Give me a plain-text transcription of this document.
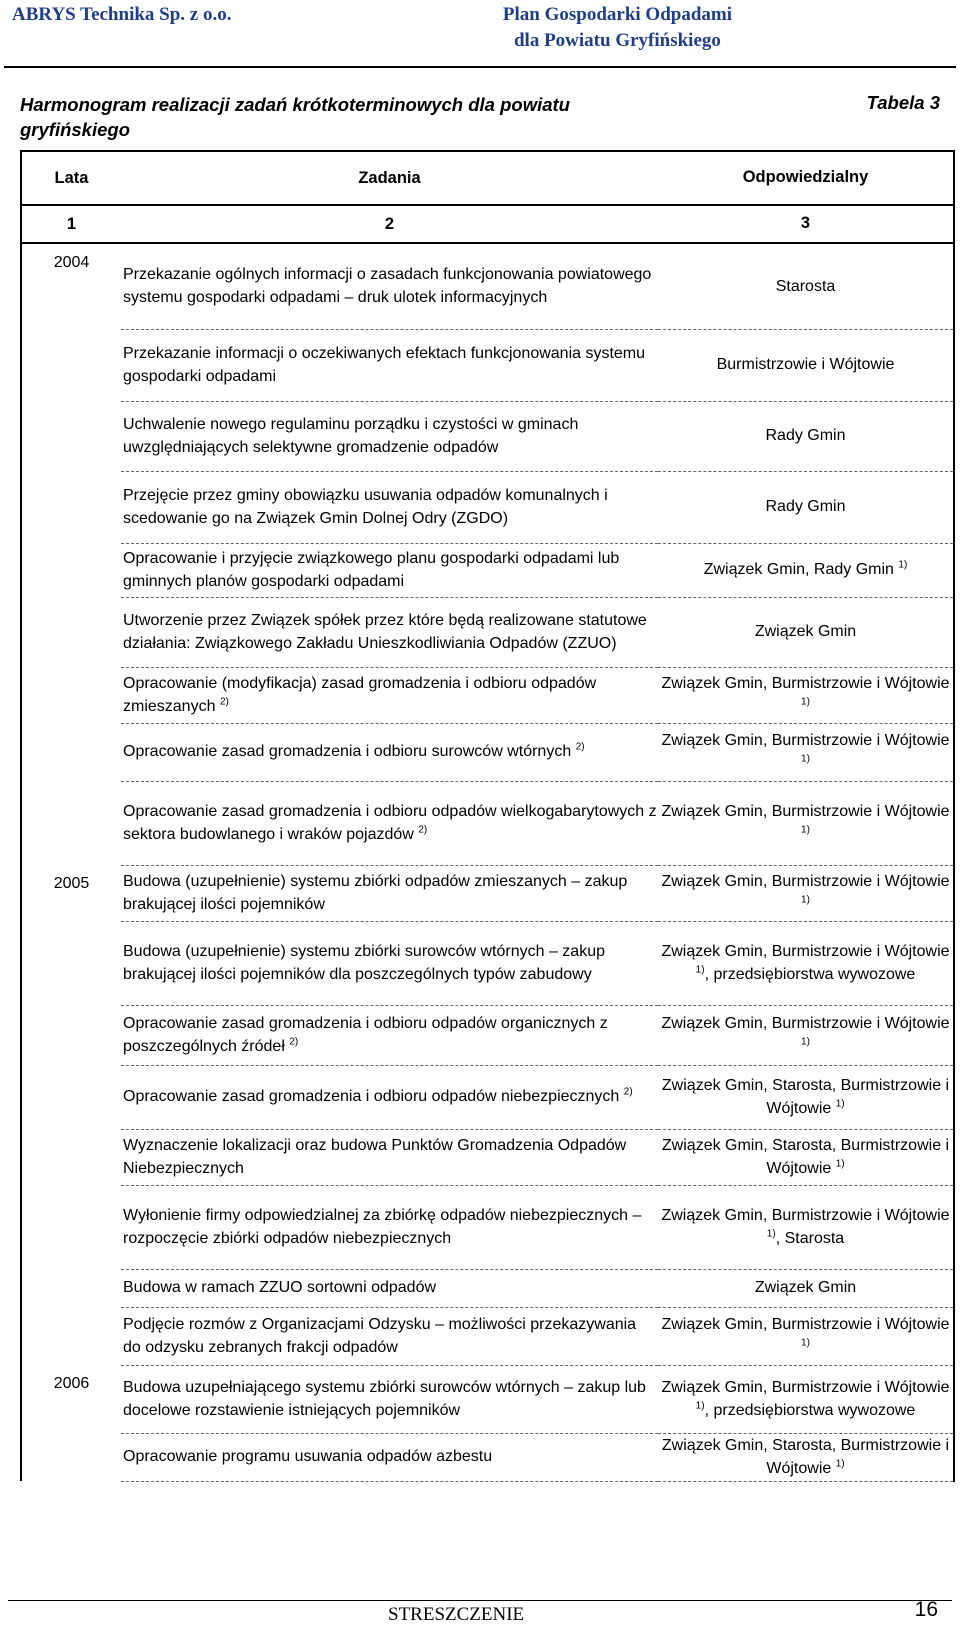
ABRYS Technika Sp. z o.o.	Plan Gospodarki Odpadami
dla Powiatu Gryfińskiego
Harmonogram realizacji zadań krótkoterminowych dla powiatu gryfińskiego
Tabela 3
Lata	Zadania	Odpowiedzialny
1	2	3
2004	Przekazanie ogólnych informacji o zasadach funkcjonowania powiatowego systemu gospodarki odpadami – druk ulotek informacyjnych	Starosta
	Przekazanie informacji o oczekiwanych efektach funkcjonowania systemu gospodarki odpadami	Burmistrzowie i Wójtowie
	Uchwalenie nowego regulaminu porządku i czystości w gminach uwzględniających selektywne gromadzenie odpadów	Rady Gmin
	Przejęcie przez gminy obowiązku usuwania odpadów komunalnych i scedowanie go na Związek Gmin Dolnej Odry (ZGDO)	Rady Gmin
	Opracowanie i przyjęcie związkowego planu gospodarki odpadami lub gminnych planów gospodarki odpadami	Związek Gmin, Rady Gmin $^{1)}$
	Utworzenie przez Związek spółek przez które będą realizowane statutowe działania: Związkowego Zakładu Unieszkodliwiania Odpadów (ZZUO)	Związek Gmin
	Opracowanie (modyfikacja) zasad gromadzenia i odbioru odpadów zmieszanych $^{2)}$	Związek Gmin, Burmistrzowie i Wójtowie $^{1)}$
	Opracowanie zasad gromadzenia i odbioru surowców wtórnych $^{2)}$	Związek Gmin, Burmistrzowie i Wójtowie $^{1)}$
	Opracowanie zasad gromadzenia i odbioru odpadów wielkogabarytowych z sektora budowlanego i wraków pojazdów $^{2)}$	Związek Gmin, Burmistrzowie i Wójtowie $^{1)}$
2005	Budowa (uzupełnienie) systemu zbiórki odpadów zmieszanych – zakup brakującej ilości pojemników	Związek Gmin, Burmistrzowie i Wójtowie $^{1)}$
	Budowa (uzupełnienie) systemu zbiórki surowców wtórnych – zakup brakującej ilości pojemników dla poszczególnych typów zabudowy	Związek Gmin, Burmistrzowie i Wójtowie $^{1)}$, przedsiębiorstwa wywozowe
	Opracowanie zasad gromadzenia i odbioru odpadów organicznych z poszczególnych źródeł $^{2)}$	Związek Gmin, Burmistrzowie i Wójtowie $^{1)}$
	Opracowanie zasad gromadzenia i odbioru odpadów niebezpiecznych $^{2)}$	Związek Gmin, Starosta, Burmistrzowie i Wójtowie $^{1)}$
	Wyznaczenie lokalizacji oraz budowa Punktów Gromadzenia Odpadów Niebezpiecznych	Związek Gmin, Starosta, Burmistrzowie i Wójtowie $^{1)}$
	Wyłonienie firmy odpowiedzialnej za zbiórkę odpadów niebezpiecznych – rozpoczęcie zbiórki odpadów niebezpiecznych	Związek Gmin, Burmistrzowie i Wójtowie $^{1)}$, Starosta
	Budowa w ramach ZZUO sortowni odpadów	Związek Gmin
	Podjęcie rozmów z Organizacjami Odzysku – możliwości przekazywania do odzysku zebranych frakcji odpadów	Związek Gmin, Burmistrzowie i Wójtowie $^{1)}$
2006	Budowa uzupełniającego systemu zbiórki surowców wtórnych – zakup lub docelowe rozstawienie istniejących pojemników	Związek Gmin, Burmistrzowie i Wójtowie $^{1)}$, przedsiębiorstwa wywozowe
	Opracowanie programu usuwania odpadów azbestu	Związek Gmin, Starosta, Burmistrzowie i Wójtowie $^{1)}$
STRESZCZENIE	16
